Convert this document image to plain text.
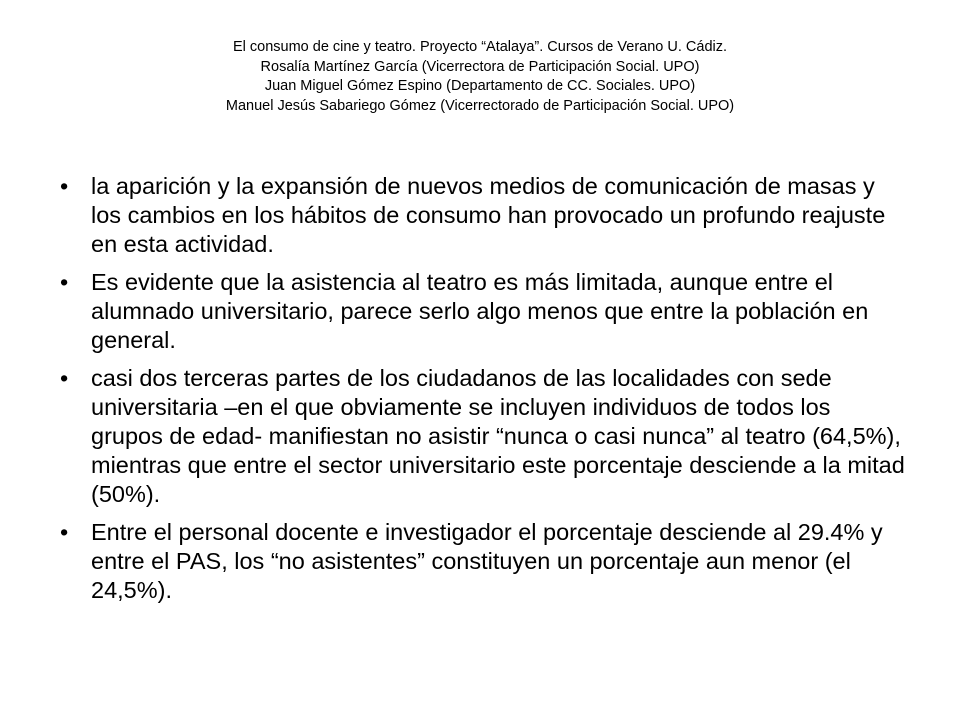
El consumo de cine y teatro. Proyecto “Atalaya”. Cursos de Verano U. Cádiz.
Rosalía Martínez García (Vicerrectora de Participación Social. UPO)
Juan Miguel Gómez Espino (Departamento de CC. Sociales. UPO)
Manuel Jesús Sabariego Gómez (Vicerrectorado de Participación Social. UPO)
• la aparición y la expansión de nuevos medios de comunicación de masas y los cambios en los hábitos de consumo han provocado un profundo reajuste en esta actividad.
• Es evidente que la asistencia al teatro es más limitada, aunque entre el alumnado universitario, parece serlo algo menos que entre la población en general.
• casi dos terceras partes de los ciudadanos de las localidades con sede universitaria –en el que obviamente se incluyen individuos de todos los grupos de edad- manifiestan no asistir “nunca o casi nunca” al teatro (64,5%), mientras que entre el sector universitario este porcentaje desciende a la mitad (50%).
• Entre el personal docente e investigador el porcentaje desciende al 29.4% y entre el PAS, los “no asistentes” constituyen un porcentaje aun menor (el 24,5%).
